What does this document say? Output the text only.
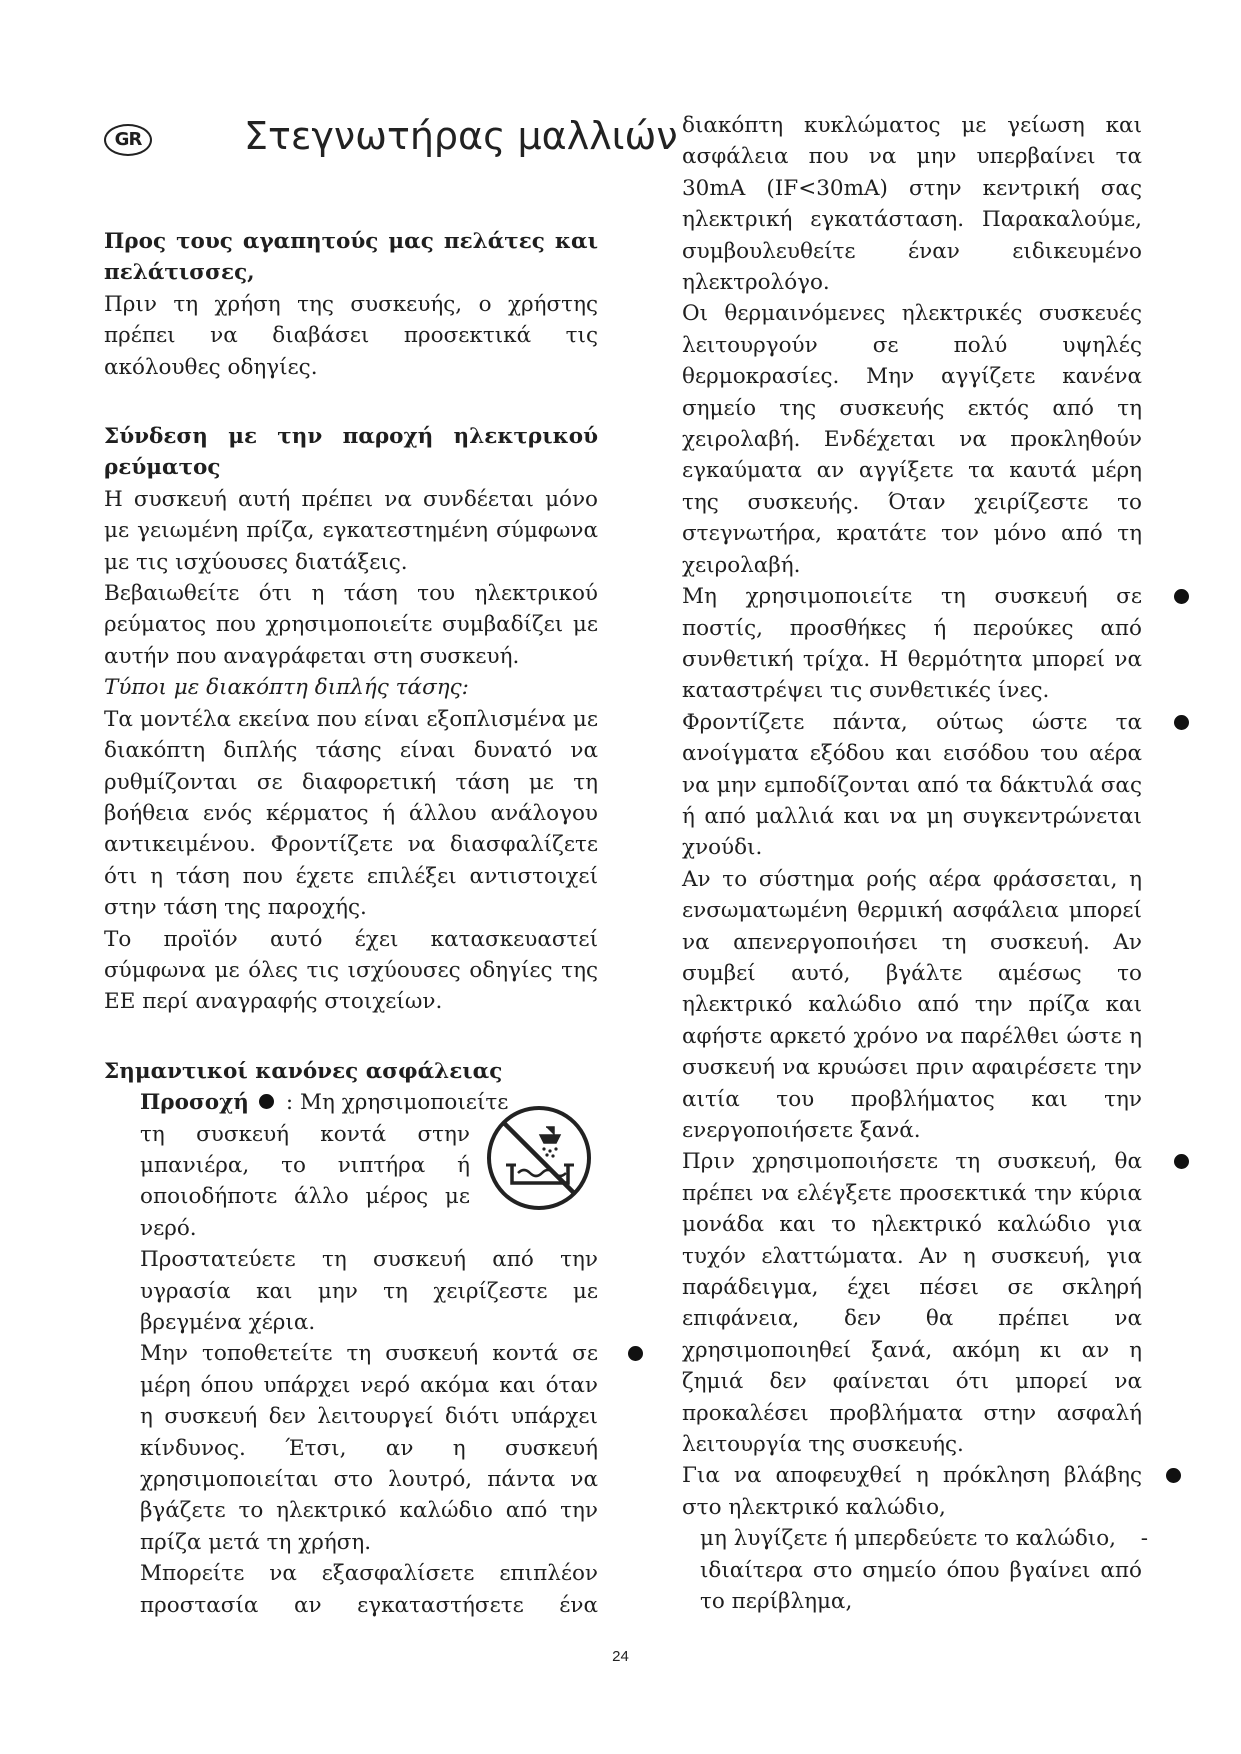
GR	Στεγνωτήρας μαλλιών
Προς τους αγαπητούς μας πελάτες και
πελάτισσες,

Πριν τη χρήση της συσκευής, ο χρήστης πρέπει να διαβάσει προσεκτικά τις ακόλουθες οδηγίες.

Σύνδεση με την παροχή ηλεκτρικού
ρεύματος

Η συσκευή αυτή πρέπει να συνδέεται μόνο με γειωμένη πρίζα, εγκατεστημένη σύμφωνα με τις ισχύουσες διατάξεις.

Βεβαιωθείτε ότι η τάση του ηλεκτρικού ρεύματος που χρησιμοποιείτε συμβαδίζει με αυτήν που αναγράφεται στη συσκευή.

Τύποι με διακόπτη διπλής τάσης:

Τα μοντέλα εκείνα που είναι εξοπλισμένα με διακόπτη διπλής τάσης είναι δυνατό να ρυθμίζονται σε διαφορετική τάση με τη βοήθεια ενός κέρματος ή άλλου ανάλογου αντικειμένου. Φροντίζετε να διασφαλίζετε ότι η τάση που έχετε επιλέξει αντιστοιχεί στην τάση της παροχής.

Το προϊόν αυτό έχει κατασκευαστεί σύμφωνα με όλες τις ισχύουσες οδηγίες της ΕΕ περί αναγραφής στοιχείων.

Σημαντικοί κανόνες ασφάλειας
Προσοχή : Μη χρησιμοποιείτε

τη συσκευή κοντά στην μπανιέρα, το νιπτήρα ή οποιοδήποτε άλλο μέρος με νερό.

Προστατεύετε τη συσκευή από την υγρασία και μην τη χειρίζεστε με βρεγμένα χέρια.

Μην τοποθετείτε τη συσκευή κοντά σε μέρη όπου υπάρχει νερό ακόμα και όταν η συσκευή δεν λειτουργεί διότι υπάρχει κίνδυνος. Έτσι, αν η συσκευή χρησιμοποιείται στο λουτρό, πάντα να βγάζετε το ηλεκτρικό καλώδιο από την πρίζα μετά τη χρήση.

Μπορείτε να εξασφαλίσετε επιπλέον προστασία αν εγκαταστήσετε ένα

διακόπτη κυκλώματος με γείωση και ασφάλεια που να μην υπερβαίνει τα 30mA (IF<30mA) στην κεντρική σας ηλεκτρική εγκατάσταση. Παρακαλούμε, συμβουλευθείτε έναν ειδικευμένο ηλεκτρολόγο.

Οι θερμαινόμενες ηλεκτρικές συσκευές λειτουργούν σε πολύ υψηλές θερμοκρασίες. Μην αγγίζετε κανένα σημείο της συσκευής εκτός από τη χειρολαβή. Ενδέχεται να προκληθούν εγκαύματα αν αγγίξετε τα καυτά μέρη της συσκευής. Όταν χειρίζεστε το στεγνωτήρα, κρατάτε τον μόνο από τη χειρολαβή.

Μη χρησιμοποιείτε τη συσκευή σε ποστίς, προσθήκες ή περούκες από συνθετική τρίχα. Η θερμότητα μπορεί να καταστρέψει τις συνθετικές ίνες.

Φροντίζετε πάντα, ούτως ώστε τα ανοίγματα εξόδου και εισόδου του αέρα να μην εμποδίζονται από τα δάκτυλά σας ή από μαλλιά και να μη συγκεντρώνεται χνούδι.

Αν το σύστημα ροής αέρα φράσσεται, η ενσωματωμένη θερμική ασφάλεια μπορεί να απενεργοποιήσει τη συσκευή. Αν συμβεί αυτό, βγάλτε αμέσως το ηλεκτρικό καλώδιο από την πρίζα και αφήστε αρκετό χρόνο να παρέλθει ώστε η συσκευή να κρυώσει πριν αφαιρέσετε την αιτία του προβλήματος και την ενεργοποιήσετε ξανά.

Πριν χρησιμοποιήσετε τη συσκευή, θα πρέπει να ελέγξετε προσεκτικά την κύρια μονάδα και το ηλεκτρικό καλώδιο για τυχόν ελαττώματα. Αν η συσκευή, για παράδειγμα, έχει πέσει σε σκληρή επιφάνεια, δεν θα πρέπει να χρησιμοποιηθεί ξανά, ακόμη κι αν η ζημιά δεν φαίνεται ότι μπορεί να προκαλέσει προβλήματα στην ασφαλή λειτουργία της συσκευής.

Για να αποφευχθεί η πρόκληση βλάβης στο ηλεκτρικό καλώδιο,

μη λυγίζετε ή μπερδεύετε το καλώδιο,	-

ιδιαίτερα στο σημείο όπου βγαίνει από το περίβλημα,

24
